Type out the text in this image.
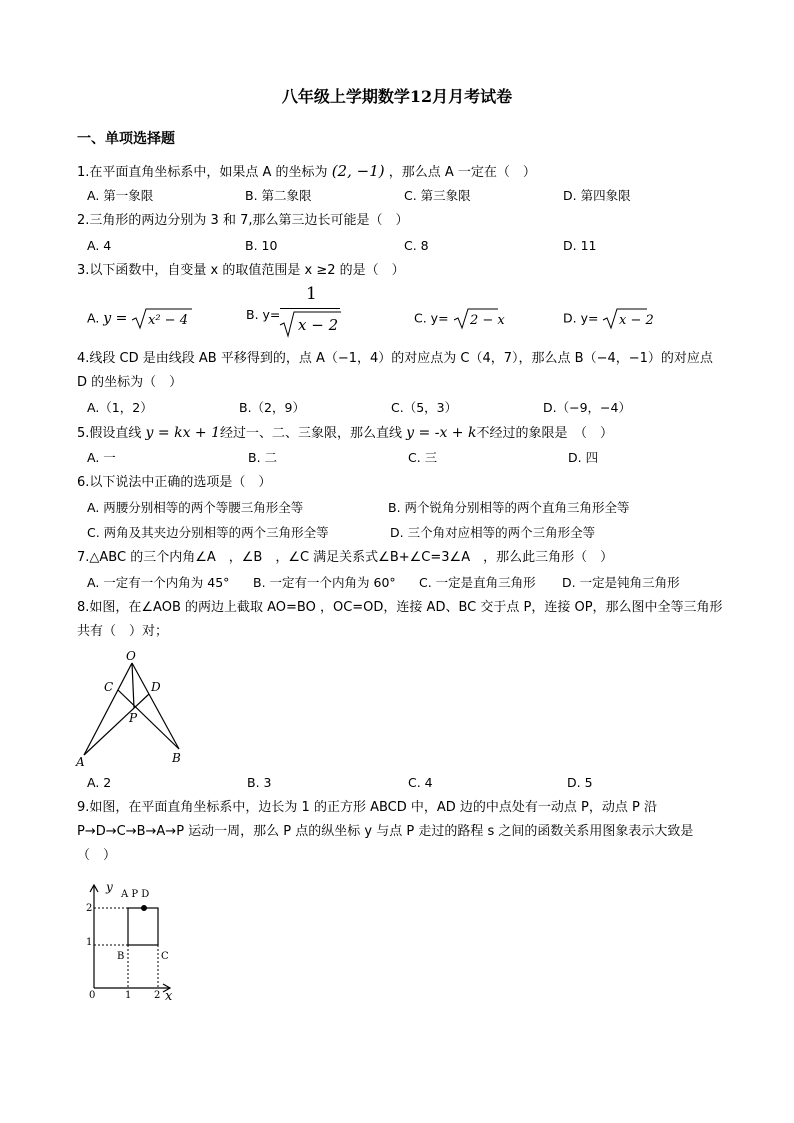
八年级上学期数学12月月考试卷
一、单项选择题
1.在平面直角坐标系中，如果点 A 的坐标为 (2, −1) ，那么点 A 一定在（　）
A. 第一象限	B. 第二象限	C. 第三象限	D. 第四象限
2.三角形的两边分别为 3 和 7,那么第三边长可能是（　）
A. 4	B. 10	C. 8	D. 11
3.以下函数中，自变量 x 的取值范围是 x ≥2 的是（　）
A. y = x² − 4	B. y=
1
x − 2	C. y= 2 − x	D. y= x − 2
4.线段 CD 是由线段 AB 平移得到的，点 A（−1，4）的对应点为 C（4，7），那么点 B（−4，−1）的对应点
D 的坐标为（　）
A.（1，2）	B.（2，9）	C.（5，3）	D.（−9，−4）
5.假设直线 y = kx + 1经过一、二、三象限，那么直线 y = -x + k不经过的象限是　（　）
A. 一	B. 二	C. 三	D. 四
6.以下说法中正确的选项是（　）
A. 两腰分别相等的两个等腰三角形全等	B. 两个锐角分别相等的两个直角三角形全等
C. 两角及其夹边分别相等的两个三角形全等	D. 三个角对应相等的两个三角形全等
7.△ABC 的三个内角∠A　，∠B　，∠C 满足关系式∠B+∠C=3∠A　，那么此三角形（　）
A. 一定有一个内角为 45° B. 一定有一个内角为 60° C. 一定是直角三角形 D. 一定是钝角三角形
8.如图，在∠AOB 的两边上截取 AO=BO ，OC=OD，连接 AD、BC 交于点 P，连接 OP，那么图中全等三角形
共有（　）对；
O
C	D
P
A	B
A. 2	B. 3	C. 4	D. 5
9.如图，在平面直角坐标系中，边长为 1 的正方形 ABCD 中，AD 边的中点处有一动点 P，动点 P 沿
P→D→C→B→A→P 运动一周，那么 P 点的纵坐标 y 与点 P 走过的路程 s 之间的函数关系用图象表示大致是
（　）
y
A P D
2
1
B	C
0	1 2 x
